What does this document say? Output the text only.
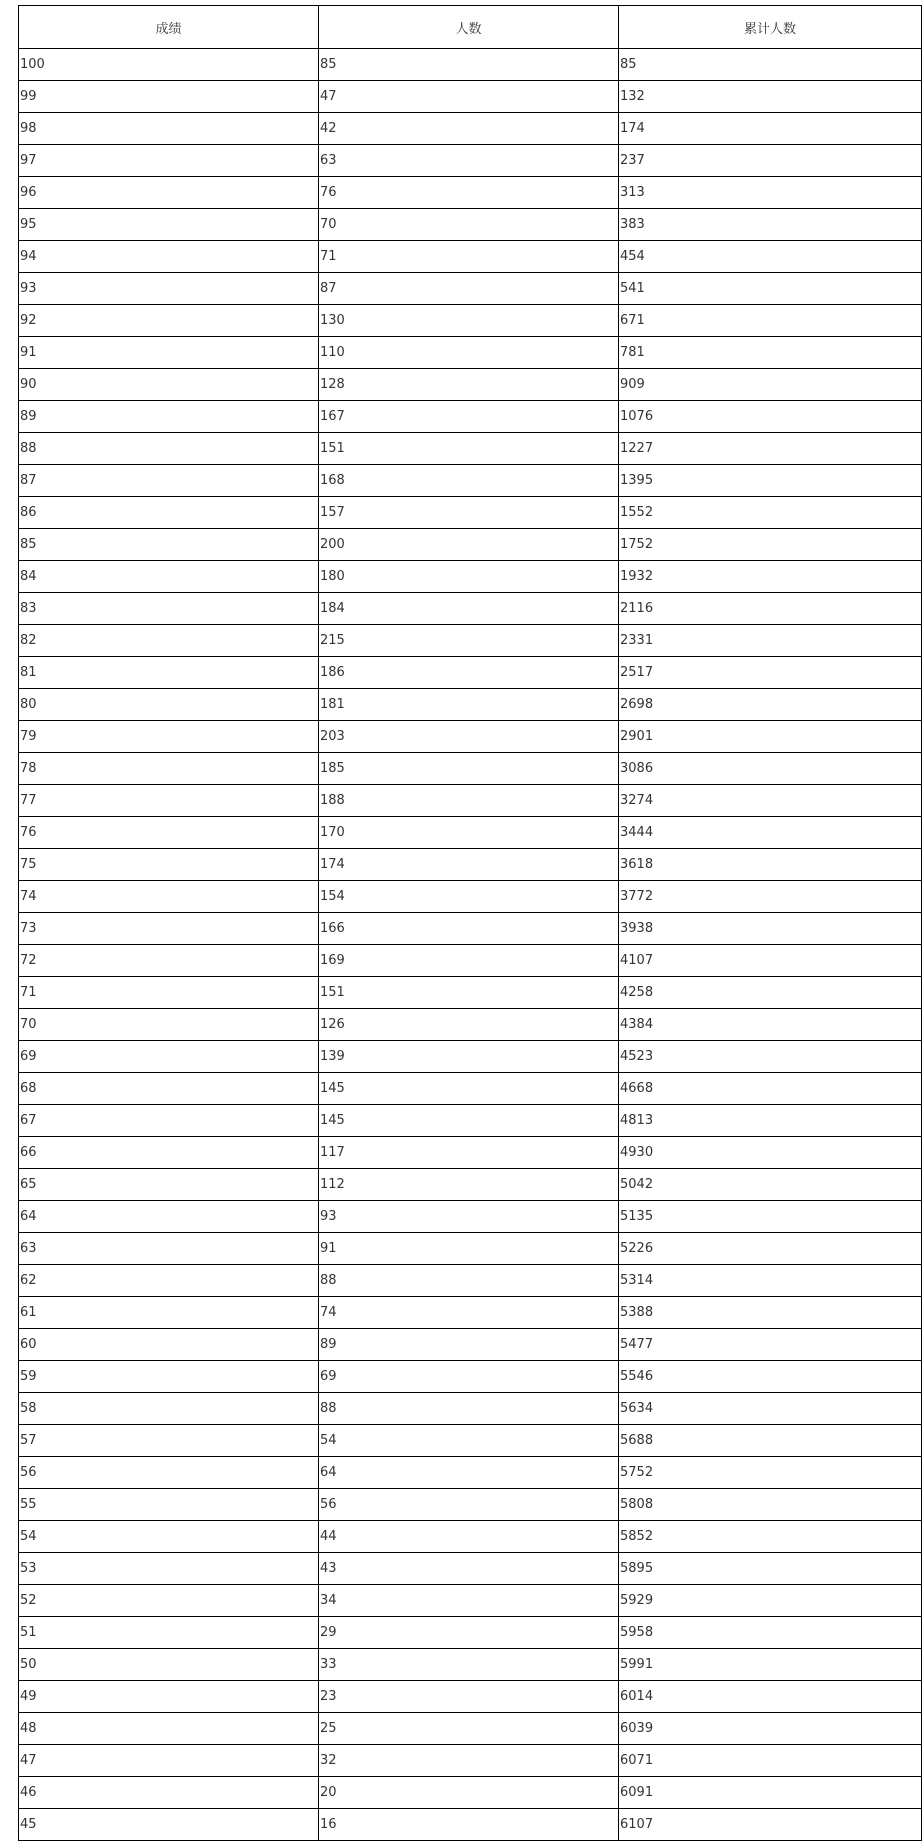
成绩	人数	累计人数
100	85	85
99	47	132
98	42	174
97	63	237
96	76	313
95	70	383
94	71	454
93	87	541
92	130	671
91	110	781
90	128	909
89	167	1076
88	151	1227
87	168	1395
86	157	1552
85	200	1752
84	180	1932
83	184	2116
82	215	2331
81	186	2517
80	181	2698
79	203	2901
78	185	3086
77	188	3274
76	170	3444
75	174	3618
74	154	3772
73	166	3938
72	169	4107
71	151	4258
70	126	4384
69	139	4523
68	145	4668
67	145	4813
66	117	4930
65	112	5042
64	93	5135
63	91	5226
62	88	5314
61	74	5388
60	89	5477
59	69	5546
58	88	5634
57	54	5688
56	64	5752
55	56	5808
54	44	5852
53	43	5895
52	34	5929
51	29	5958
50	33	5991
49	23	6014
48	25	6039
47	32	6071
46	20	6091
45	16	6107
